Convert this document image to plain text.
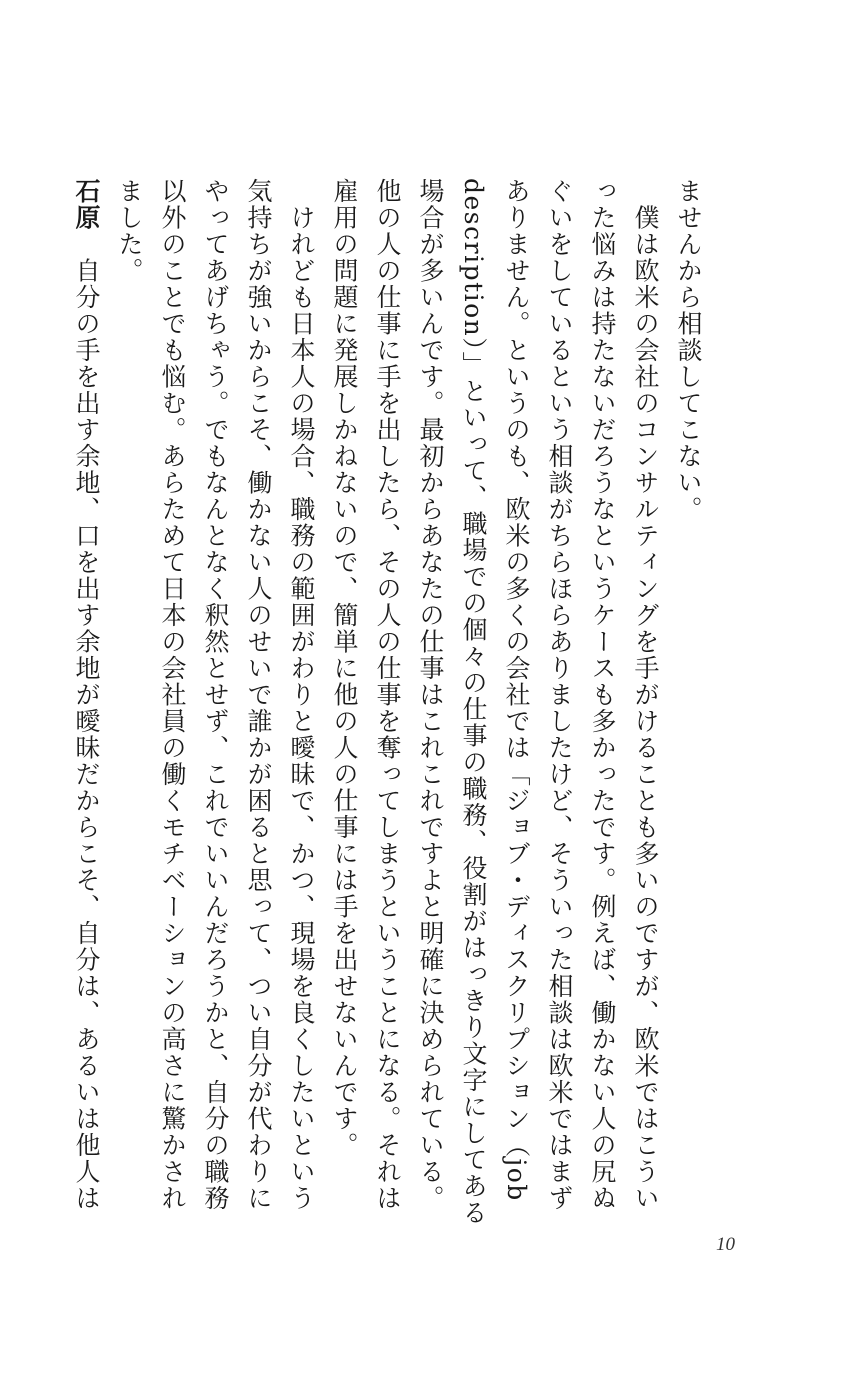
ませんから相談してこない。

　僕は欧米の会社のコンサルティングを手がけることも多いのですが、欧米ではこうい

った悩みは持たないだろうなというケースも多かったです。例えば、働かない人の尻ぬ

ぐいをしているという相談がちらほらありましたけど、そういった相談は欧米ではまず

ありません。というのも、欧米の多くの会社では「ジョブ・ディスクリプション（job

description）」といって、職場での個々の仕事の職務、役割がはっきり文字にしてある

場合が多いんです。最初からあなたの仕事はこれこれですよと明確に決められている。

他の人の仕事に手を出したら、その人の仕事を奪ってしまうということになる。それは

雇用の問題に発展しかねないので、簡単に他の人の仕事には手を出せないんです。

　けれども日本人の場合、職務の範囲がわりと曖昧で、かつ、現場を良くしたいという

気持ちが強いからこそ、働かない人のせいで誰かが困ると思って、つい自分が代わりに

やってあげちゃう。でもなんとなく釈然とせず、これでいいんだろうかと、自分の職務

以外のことでも悩む。あらためて日本の会社員の働くモチベーションの高さに驚かされ

ました。

石原　自分の手を出す余地、口を出す余地が曖昧だからこそ、自分は、あるいは他人は

10
